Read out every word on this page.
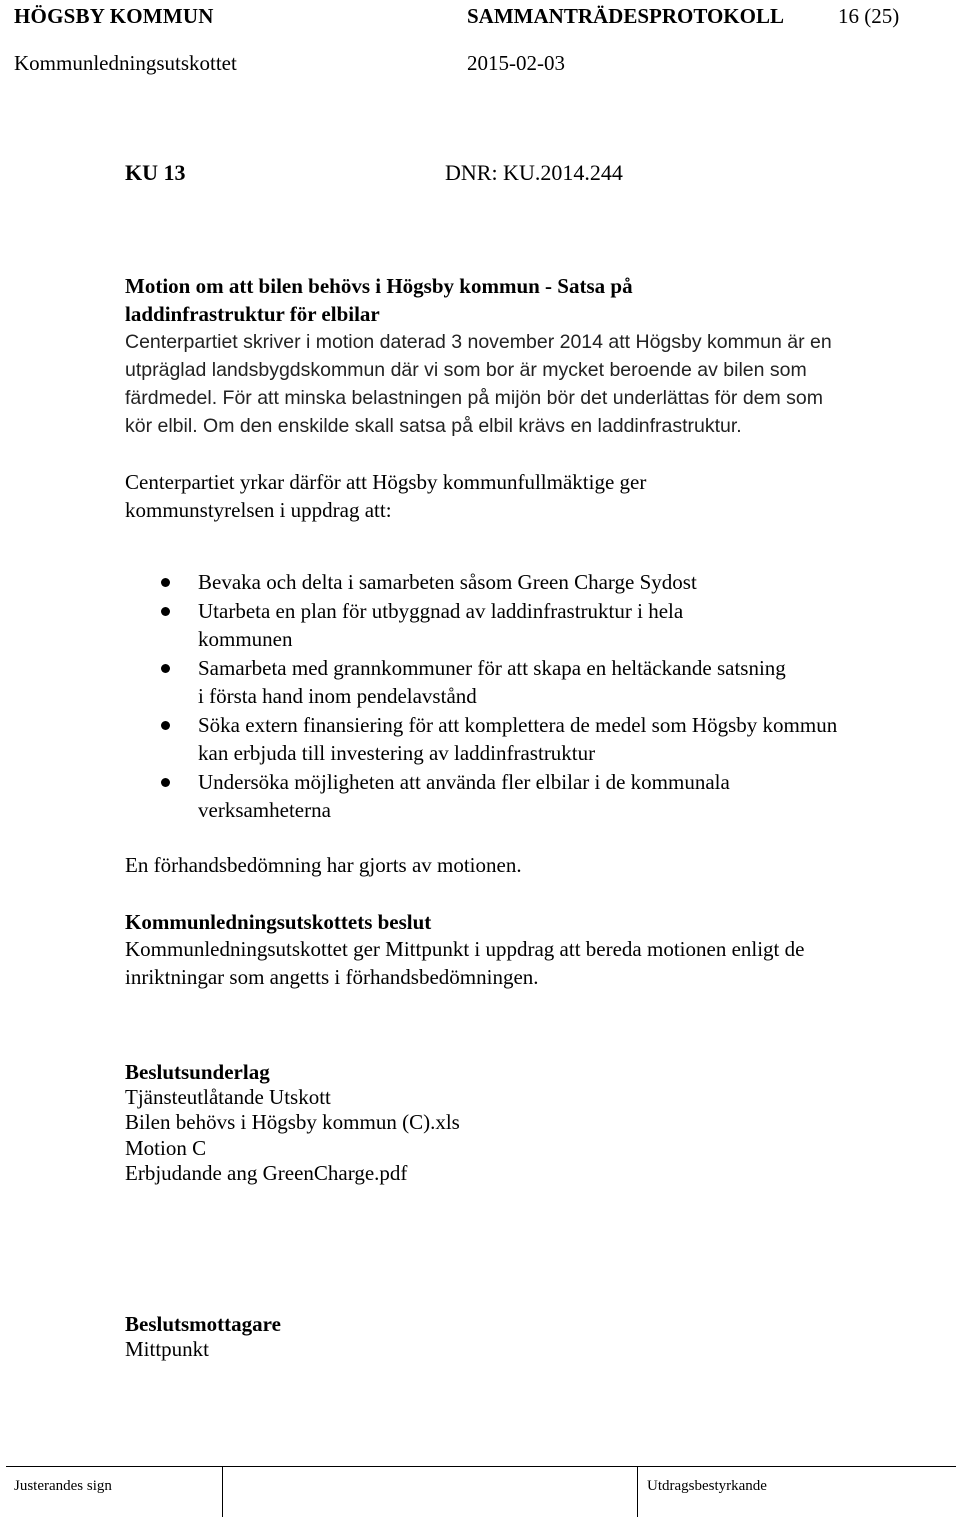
HÖGSBY KOMMUN	SAMMANTRÄDESPROTOKOLL	16 (25)
Kommunledningsutskottet	2015-02-03
KU 13	DNR: KU.2014.244

Motion om att bilen behövs i Högsby kommun - Satsa på laddinfrastruktur för elbilar

Centerpartiet skriver i motion daterad 3 november 2014 att Högsby kommun är en utpräglad landsbygdskommun där vi som bor är mycket beroende av bilen som färdmedel. För att minska belastningen på mijön bör det underlättas för dem som kör elbil. Om den enskilde skall satsa på elbil krävs en laddinfrastruktur.

Centerpartiet yrkar därför att Högsby kommunfullmäktige ger kommunstyrelsen i uppdrag att:

Bevaka och delta i samarbeten såsom Green Charge Sydost
Utarbeta en plan för utbyggnad av laddinfrastruktur i hela kommunen
Samarbeta med grannkommuner för att skapa en heltäckande satsning i första hand inom pendelavstånd
Söka extern finansiering för att komplettera de medel som Högsby kommun kan erbjuda till investering av laddinfrastruktur
Undersöka möjligheten att använda fler elbilar i de kommunala verksamheterna

En förhandsbedömning har gjorts av motionen.

Kommunledningsutskottets beslut

Kommunledningsutskottet ger Mittpunkt i uppdrag att bereda motionen enligt de inriktningar som angetts i förhandsbedömningen.

Beslutsunderlag

Tjänsteutlåtande Utskott

Bilen behövs i Högsby kommun (C).xls

Motion C

Erbjudande ang GreenCharge.pdf

Beslutsmottagare

Mittpunkt

Justerandes sign	Utdragsbestyrkande
